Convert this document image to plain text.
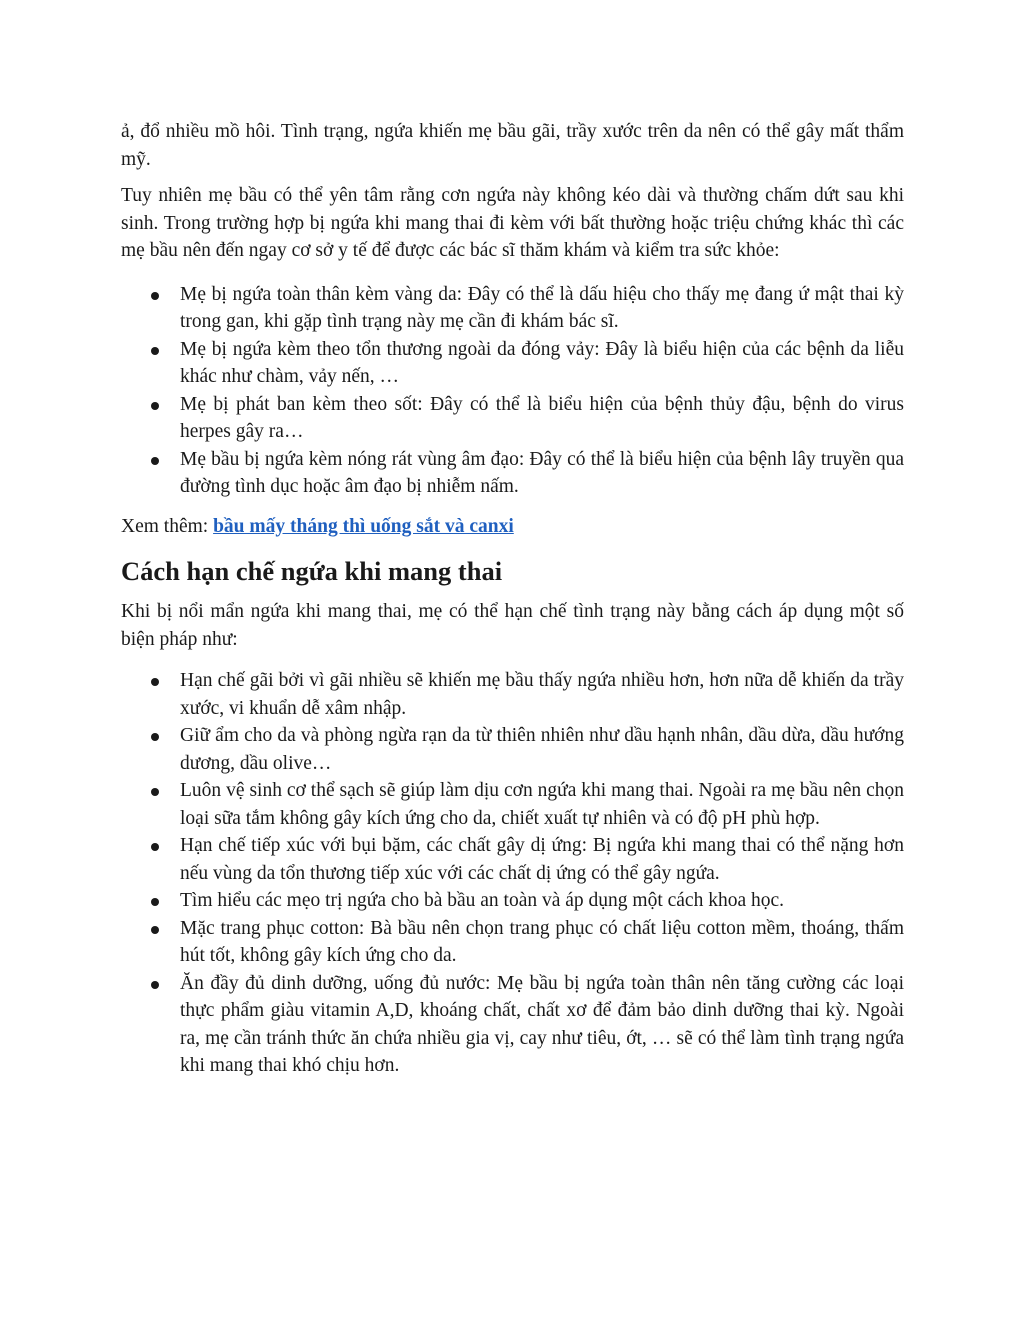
ả, đổ nhiều mồ hôi. Tình trạng, ngứa khiến mẹ bầu gãi, trầy xước trên da nên có thể gây mất thẩm mỹ.

Tuy nhiên mẹ bầu có thể yên tâm rằng cơn ngứa này không kéo dài và thường chấm dứt sau khi sinh. Trong trường hợp bị ngứa khi mang thai đi kèm với bất thường hoặc triệu chứng khác thì các mẹ bầu nên đến ngay cơ sở y tế để được các bác sĩ thăm khám và kiểm tra sức khỏe:

Mẹ bị ngứa toàn thân kèm vàng da: Đây có thể là dấu hiệu cho thấy mẹ đang ứ mật thai kỳ trong gan, khi gặp tình trạng này mẹ cần đi khám bác sĩ.
Mẹ bị ngứa kèm theo tổn thương ngoài da đóng vảy: Đây là biểu hiện của các bệnh da liễu khác như chàm, vảy nến, …
Mẹ bị phát ban kèm theo sốt: Đây có thể là biểu hiện của bệnh thủy đậu, bệnh do virus herpes gây ra…
Mẹ bầu bị ngứa kèm nóng rát vùng âm đạo: Đây có thể là biểu hiện của bệnh lây truyền qua đường tình dục hoặc âm đạo bị nhiễm nấm.

Xem thêm: bầu mấy tháng thì uống sắt và canxi

Cách hạn chế ngứa khi mang thai

Khi bị nổi mẩn ngứa khi mang thai, mẹ có thể hạn chế tình trạng này bằng cách áp dụng một số biện pháp như:

Hạn chế gãi bởi vì gãi nhiều sẽ khiến mẹ bầu thấy ngứa nhiều hơn, hơn nữa dễ khiến da trầy xước, vi khuẩn dễ xâm nhập.
Giữ ẩm cho da và phòng ngừa rạn da từ thiên nhiên như dầu hạnh nhân, dầu dừa, dầu hướng dương, dầu olive…
Luôn vệ sinh cơ thể sạch sẽ giúp làm dịu cơn ngứa khi mang thai. Ngoài ra mẹ bầu nên chọn loại sữa tắm không gây kích ứng cho da, chiết xuất tự nhiên và có độ pH phù hợp.
Hạn chế tiếp xúc với bụi bặm, các chất gây dị ứng: Bị ngứa khi mang thai có thể nặng hơn nếu vùng da tổn thương tiếp xúc với các chất dị ứng có thể gây ngứa.
Tìm hiểu các mẹo trị ngứa cho bà bầu an toàn và áp dụng một cách khoa học.
Mặc trang phục cotton: Bà bầu nên chọn trang phục có chất liệu cotton mềm, thoáng, thấm hút tốt, không gây kích ứng cho da.
Ăn đầy đủ dinh dưỡng, uống đủ nước: Mẹ bầu bị ngứa toàn thân nên tăng cường các loại thực phẩm giàu vitamin A,D, khoáng chất, chất xơ để đảm bảo dinh dưỡng thai kỳ. Ngoài ra, mẹ cần tránh thức ăn chứa nhiều gia vị, cay như tiêu, ớt, … sẽ có thể làm tình trạng ngứa khi mang thai khó chịu hơn.
